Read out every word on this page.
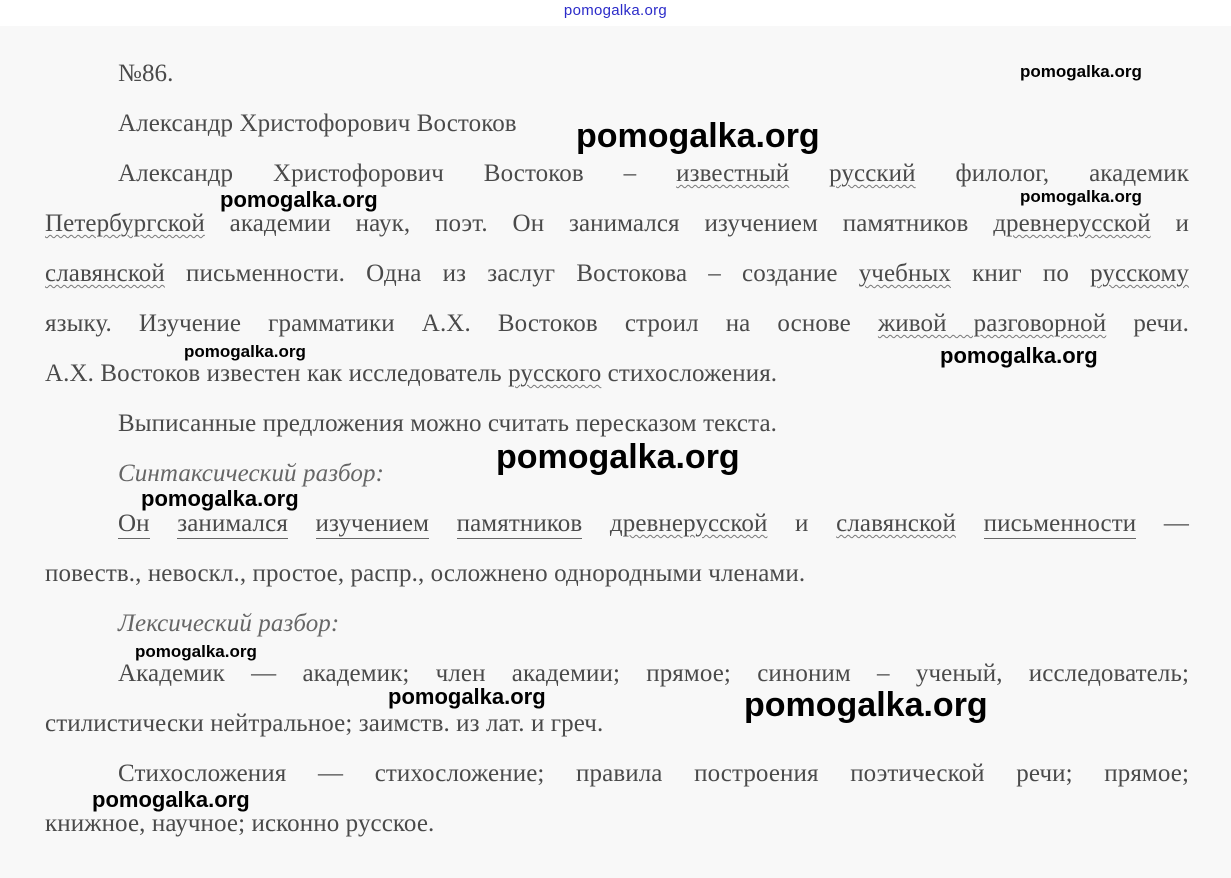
pomogalka.org
№86.
Александр Христофорович Востоков
Александр Христофорович Востоков – известный русский филолог, академик
Петербургской академии наук, поэт. Он занимался изучением памятников древнерусской и
славянской письменности. Одна из заслуг Востокова – создание учебных книг по русскому
языку. Изучение грамматики А.Х. Востоков строил на основе живой разговорной речи.
А.Х. Востоков известен как исследователь русского стихосложения.
Выписанные предложения можно считать пересказом текста.
Синтаксический разбор:
Он занимался изучением памятников древнерусской и славянской письменности —
повеств., невоскл., простое, распр., осложнено однородными членами.
Лексический разбор:
Академик — академик; член академии; прямое; синоним – ученый, исследователь;
стилистически нейтральное; заимств. из лат. и греч.
Стихосложения — стихосложение; правила построения поэтической речи; прямое;
книжное, научное; исконно русское.
pomogalka.org
pomogalka.org
pomogalka.org	pomogalka.org
pomogalka.org	pomogalka.org
pomogalka.org
pomogalka.org
pomogalka.org
pomogalka.org	pomogalka.org
pomogalka.org
